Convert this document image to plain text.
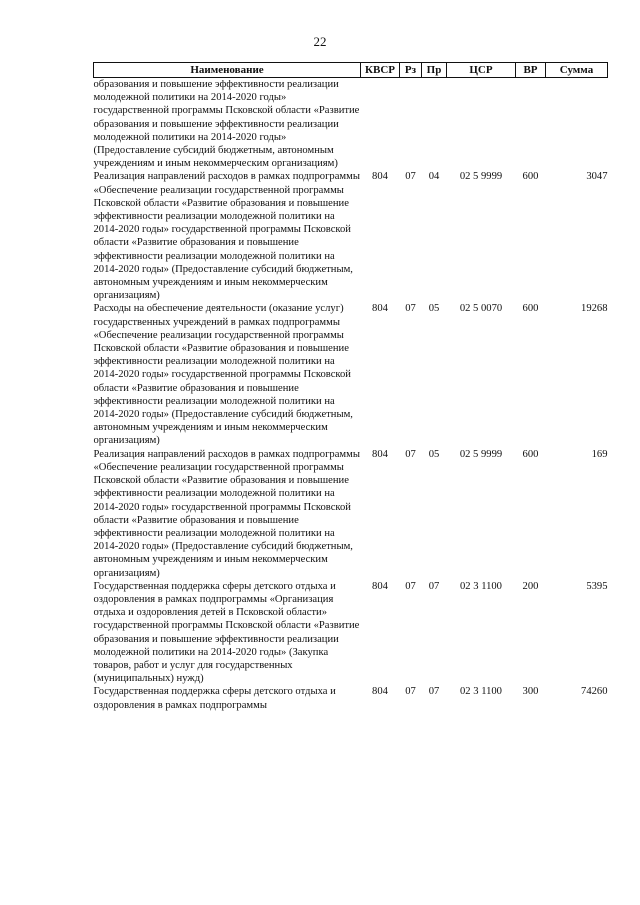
22
Наименование	КВСР	Рз	Пр	ЦСР	ВР	Сумма
образования и повышение эффективности реализации молодежной политики на 2014-2020 годы» государственной программы Псковской области «Развитие образования и повышение эффективности реализации молодежной политики на 2014-2020 годы» (Предоставление субсидий бюджетным, автономным учреждениям и иным некоммерческим организациям)						
Реализация направлений расходов в рамках подпрограммы «Обеспечение реализации государственной программы Псковской области «Развитие образования и повышение эффективности реализации молодежной политики на 2014-2020 годы» государственной программы Псковской области «Развитие образования и повышение эффективности реализации молодежной политики на 2014-2020 годы» (Предоставление субсидий бюджетным, автономным учреждениям и иным некоммерческим организациям)	804	07	04	02 5 9999	600	3047
Расходы на обеспечение деятельности (оказание услуг) государственных учреждений в рамках подпрограммы «Обеспечение реализации государственной программы Псковской области «Развитие образования и повышение эффективности реализации молодежной политики на 2014-2020 годы» государственной программы Псковской области «Развитие образования и повышение эффективности реализации молодежной политики на 2014-2020 годы» (Предоставление субсидий бюджетным, автономным учреждениям и иным некоммерческим организациям)	804	07	05	02 5 0070	600	19268
Реализация направлений расходов в рамках подпрограммы «Обеспечение реализации государственной программы Псковской области «Развитие образования и повышение эффективности реализации молодежной политики на 2014-2020 годы» государственной программы Псковской области «Развитие образования и повышение эффективности реализации молодежной политики на 2014-2020 годы» (Предоставление субсидий бюджетным, автономным учреждениям и иным некоммерческим организациям)	804	07	05	02 5 9999	600	169
Государственная поддержка сферы детского отдыха и оздоровления в рамках подпрограммы «Организация отдыха и оздоровления детей в Псковской области» государственной программы Псковской области «Развитие образования и повышение эффективности реализации молодежной политики на 2014-2020 годы» (Закупка товаров, работ и услуг для государственных (муниципальных) нужд)	804	07	07	02 3 1100	200	5395
Государственная поддержка сферы детского отдыха и оздоровления в рамках подпрограммы	804	07	07	02 3 1100	300	74260
